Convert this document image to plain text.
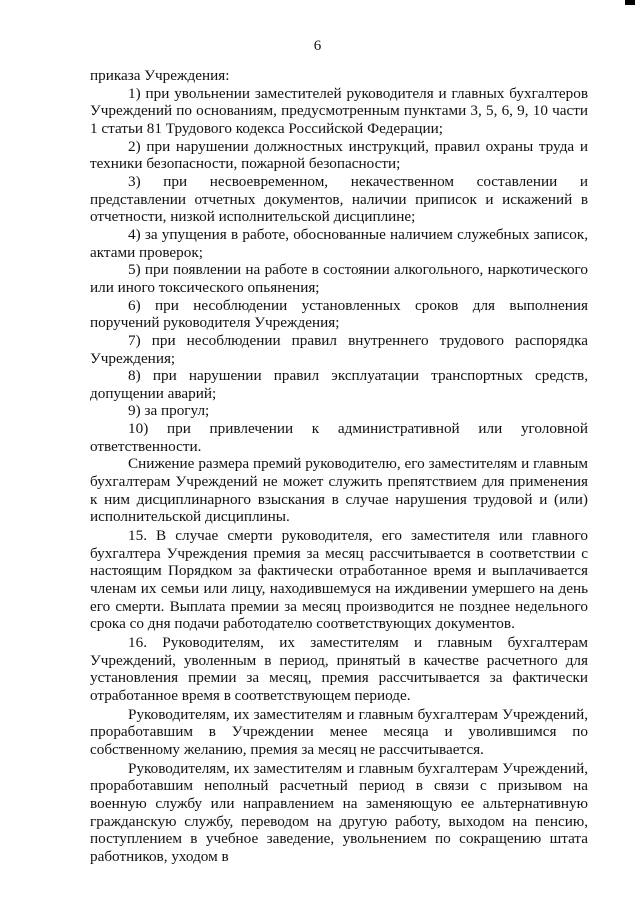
6

приказа Учреждения:

1) при увольнении заместителей руководителя и главных бухгалтеров Учреждений по основаниям, предусмотренным пунктами 3, 5, 6, 9, 10 части 1 статьи 81 Трудового кодекса Российской Федерации;

2) при нарушении должностных инструкций, правил охраны труда и техники безопасности, пожарной безопасности;

3) при несвоевременном, некачественном составлении и представлении отчетных документов, наличии приписок и искажений в отчетности, низкой исполнительской дисциплине;

4) за упущения в работе, обоснованные наличием служебных записок, актами проверок;

5) при появлении на работе в состоянии алкогольного, наркотического или иного токсического опьянения;

6) при несоблюдении установленных сроков для выполнения поручений руководителя Учреждения;

7) при несоблюдении правил внутреннего трудового распорядка Учреждения;

8) при нарушении правил эксплуатации транспортных средств, допущении аварий;

9) за прогул;

10) при привлечении к административной или уголовной ответственности.

Снижение размера премий руководителю, его заместителям и главным бухгалтерам Учреждений не может служить препятствием для применения к ним дисциплинарного взыскания в случае нарушения трудовой и (или) исполнительской дисциплины.

15. В случае смерти руководителя, его заместителя или главного бухгалтера Учреждения премия за месяц рассчитывается в соответствии с настоящим Порядком за фактически отработанное время и выплачивается членам их семьи или лицу, находившемуся на иждивении умершего на день его смерти. Выплата премии за месяц производится не позднее недельного срока со дня подачи работодателю соответствующих документов.

16. Руководителям, их заместителям и главным бухгалтерам Учреждений, уволенным в период, принятый в качестве расчетного для установления премии за месяц, премия рассчитывается за фактически отработанное время в соответствующем периоде.

Руководителям, их заместителям и главным бухгалтерам Учреждений, проработавшим в Учреждении менее месяца и уволившимся по собственному желанию, премия за месяц не рассчитывается.

Руководителям, их заместителям и главным бухгалтерам Учреждений, проработавшим неполный расчетный период в связи с призывом на военную службу или направлением на заменяющую ее альтернативную гражданскую службу, переводом на другую работу, выходом на пенсию, поступлением в учебное заведение, увольнением по сокращению штата работников, уходом в
